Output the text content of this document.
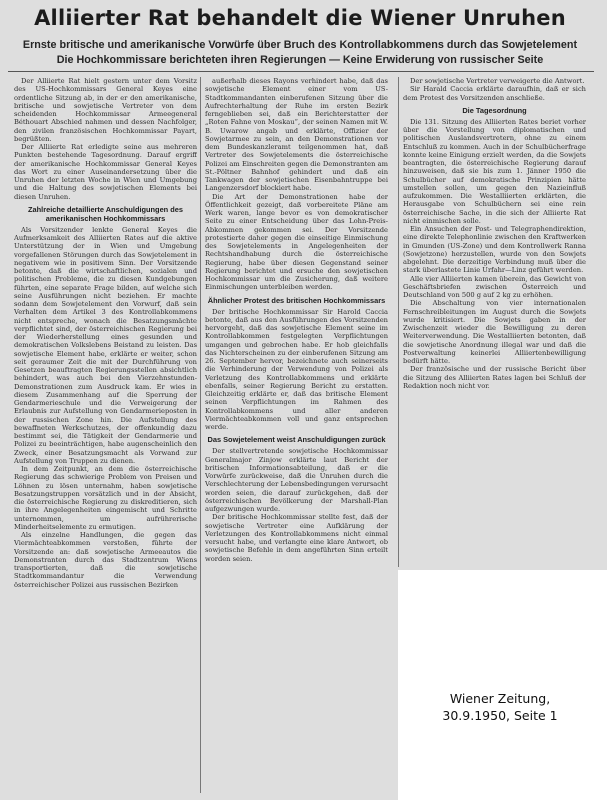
Alliierter Rat behandelt die Wiener Unruhen
Ernste britische und amerikanische Vorwürfe über Bruch des Kontrollabkommens durch das Sowjetelement
Die Hochkommissare berichteten ihren Regierungen — Keine Erwiderung von russischer Seite

Der Alliierte Rat hielt gestern unter dem Vorsitz des US-Hochkommissars General Keyes eine ordentliche Sitzung ab, in der er den amerikanische, britische und sowjetische Vertreter von dem scheidenden Hochkommissar Armeegeneral Béthouart Abschied nahmen und dessen Nachfolger, den zivilen französischen Hochkommissar Payart, begrüßten.

Der Alliierte Rat erledigte seine aus mehreren Punkten bestehende Tagesordnung. Darauf ergriff der amerikanische Hochkommissar General Keyes das Wort zu einer Auseinandersetzung über die Unruhen der letzten Woche in Wien und Umgebung und die Haltung des sowjetischen Elements bei diesen Unruhen.

Zahlreiche detaillierte Anschuldigungen des amerikanischen Hochkommissars

Als Vorsitzender lenkte General Keyes die Aufmerksamkeit des Alliierten Rates auf die aktive Unterstützung der in Wien und Umgebung vorgefallenen Störungen durch das Sowjetelement in negativem wie in positivem Sinn. Der Vorsitzende betonte, daß die wirtschaftlichen, sozialen und politischen Probleme, die zu diesen Kundgebungen führten, eine separate Frage bilden, auf welche sich seine Ausführungen nicht beziehen. Er machte sodann dem Sowjetelement den Vorwurf, daß sein Verhalten dem Artikel 3 des Kontrollabkommens nicht entspreche, wonach die Besatzungsmächte verpflichtet sind, der österreichischen Regierung bei der Wiederherstellung eines gesunden und demokratischen Volkslebens Beistand zu leisten. Das sowjetische Element habe, erklärte er weiter, schon seit geraumer Zeit die mit der Durchführung von Gesetzen beauftragten Regierungsstellen absichtlich behindert, was auch bei den Vierzehnstunden-Demonstrationen zum Ausdruck kam. Er wies in diesem Zusammenhang auf die Sperrung der Gendarmerieschule und die Verweigerung der Erlaubnis zur Aufstellung von Gendarmerieposten in der russischen Zone hin. Die Aufstellung des bewaffneten Werkschutzes, der offenkundig dazu bestimmt sei, die Tätigkeit der Gendarmerie und Polizei zu beeinträchtigen, habe augenscheinlich den Zweck, einer Besatzungsmacht als Vorwand zur Aufstellung von Truppen zu dienen.

In dem Zeitpunkt, an dem die österreichische Regierung das schwierige Problem von Preisen und Löhnen zu lösen unternahm, haben sowjetische Besatzungstruppen vorsätzlich und in der Absicht, die österreichische Regierung zu diskreditieren, sich in ihre Angelegenheiten eingemischt und Schritte unternommen, um aufrührerische Minderheitselemente zu ermutigen.

Als einzelne Handlungen, die gegen das Viermächteabkommen verstoßen, führte der Vorsitzende an: daß sowjetische Armeeautos die Demonstranten durch das Stadtzentrum Wiens transportierten, daß die sowjetische Stadtkommandantur die Verwendung österreichischer Polizei aus russischen Bezirken

außerhalb dieses Rayons verhindert habe, daß das sowjetische Element einer vom US-Stadtkommandanten einberufenen Sitzung über die Aufrechterhaltung der Ruhe im ersten Bezirk ferngeblieben sei, daß ein Berichterstatter der „Roten Fahne von Moskau“, der seinen Namen mit W. B. Uwarow angab und erklärte, Offizier der Sowjetarmee zu sein, an den Demonstrationen vor dem Bundeskanzleramt teilgenommen hat, daß Vertreter des Sowjetelements die österreichische Polizei am Einschreiten gegen die Demonstranten am St.-Pöltner Bahnhof gehindert und daß ein Tankwagen der sowjetischen Eisenbahntruppe bei Langenzersdorf blockiert habe.

Die Art der Demonstrationen habe der Öffentlichkeit gezeigt, daß vorbereitete Pläne am Werk waren, lange bevor es von demokratischer Seite zu einer Entscheidung über das Lohn-Preis-Abkommen gekommen sei. Der Vorsitzende protestierte daher gegen die einseitige Einmischung des Sowjetelements in Angelegenheiten der Rechtshandhabung durch die österreichische Regierung, habe über diesen Gegenstand seiner Regierung berichtet und ersuche den sowjetischen Hochkommissar um die Zusicherung, daß weitere Einmischungen unterbleiben werden.

Ähnlicher Protest des britischen Hochkommissars

Der britische Hochkommissar Sir Harold Caccia betonte, daß aus den Ausführungen des Vorsitzenden hervorgeht, daß das sowjetische Element seine im Kontrollabkommen festgelegten Verpflichtungen umgangen und gebrochen habe. Er hob gleichfalls das Nichterscheinen zu der einberufenen Sitzung am 26. September hervor, bezeichnete auch seinerseits die Verhinderung der Verwendung von Polizei als Verletzung des Kontrollabkommens und erklärte ebenfalls, seiner Regierung Bericht zu erstatten. Gleichzeitig erklärte er, daß das britische Element seinen Verpflichtungen im Rahmen des Kontrollabkommens und aller anderen Viermächteabkommen voll und ganz entsprechen werde.

Das Sowjetelement weist Anschuldigungen zurück

Der stellvertretende sowjetische Hochkommissar Generalmajor Zinjow erklärte laut Bericht der britischen Informationsabteilung, daß er die Vorwürfe zurückweise, daß die Unruhen durch die Verschlechterung der Lebensbedingungen verursacht worden seien, die darauf zurückgehen, daß der österreichischen Bevölkerung der Marshall-Plan aufgezwungen wurde.

Der britische Hochkommissar stellte fest, daß der sowjetische Vertreter eine Aufklärung der Verletzungen des Kontrollabkommens nicht einmal versucht habe, und verlangte eine klare Antwort, ob sowjetische Befehle in dem angeführten Sinn erteilt worden seien.

Der sowjetische Vertreter verweigerte die Antwort.

Sir Harald Caccia erklärte daraufhin, daß er sich dem Protest des Vorsitzenden anschließe.

Die Tagesordnung

Die 131. Sitzung des Alliierten Rates beriet vorher über die Vorstellung von diplomatischen und politischen Auslandsvertretern, ohne zu einem Entschluß zu kommen. Auch in der Schulbücherfrage konnte keine Einigung erzielt werden, da die Sowjets beantragten, die österreichische Regierung darauf hinzuweisen, daß sie bis zum 1. Jänner 1950 die Schulbücher auf demokratische Prinzipien hätte umstellen sollen, um gegen den Nazieinfluß aufzukommen. Die Westalliierten erklärten, die Herausgabe von Schulbüchern sei eine rein österreichische Sache, in die sich der Alliierte Rat nicht einmischen solle.

Ein Ansuchen der Post- und Telegraphendirektion, eine direkte Telephonlinie zwischen den Kraftwerken in Gmunden (US-Zone) und dem Kontrollwerk Ranna (Sowjetzone) herzustellen, wurde von den Sowjets abgelehnt. Die derzeitige Verbindung muß über die stark überlastete Linie Urfahr—Linz geführt werden.

Alle vier Alliierten kamen überein, das Gewicht von Geschäftsbriefen zwischen Österreich und Deutschland von 500 g auf 2 kg zu erhöhen.

Die Abschaltung von vier internationalen Fernschreibleitungen im August durch die Sowjets wurde kritisiert. Die Sowjets gaben in der Zwischenzeit wieder die Bewilligung zu deren Weiterverwendung. Die Westalliierten betonten, daß die sowjetische Anordnung illegal war und daß die Postverwaltung keinerlei Alliiertenbewilligung bedürft hätte.

Der französische und der russische Bericht über die Sitzung des Alliierten Rates lagen bei Schluß der Redaktion noch nicht vor.

Wiener Zeitung,
30.9.1950, Seite 1
